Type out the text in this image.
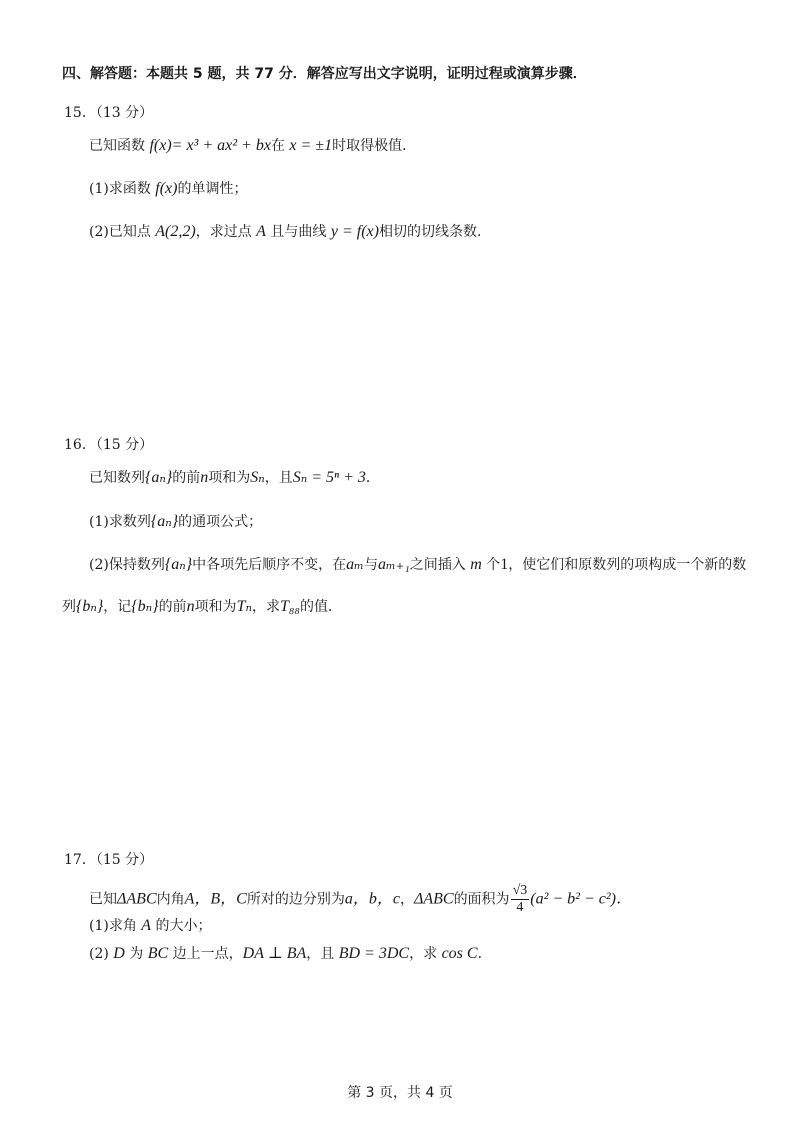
四、解答题：本题共 5 题，共 77 分．解答应写出文字说明，证明过程或演算步骤．
15．（13 分）
已知函数 f(x)= x³ + ax² + bx在 x = ±1时取得极值．
(1)求函数 f(x)的单调性；
(2)已知点 A(2,2)，求过点 A 且与曲线 y = f(x)相切的切线条数．
16．（15 分）
已知数列{aₙ}的前n项和为Sₙ，且Sₙ = 5ⁿ + 3．
(1)求数列{aₙ}的通项公式；
(2)保持数列{aₙ}中各项先后顺序不变，在aₘ与aₘ₊₁之间插入 m 个1，使它们和原数列的项构成一个新的数
列{bₙ}，记{bₙ}的前n项和为Tₙ，求T₈₈的值．
17．（15 分）
已知ΔABC内角A，B，C所对的边分别为a，b，c，ΔABC的面积为 $\frac{√3}{4} (a^2 - b^2 - c^2)$．
(1)求角 A 的大小；
(2) D 为 BC 边上一点，DA ⊥ BA，且 BD = 3DC，求 cos C．
第 3 页，共 4 页
